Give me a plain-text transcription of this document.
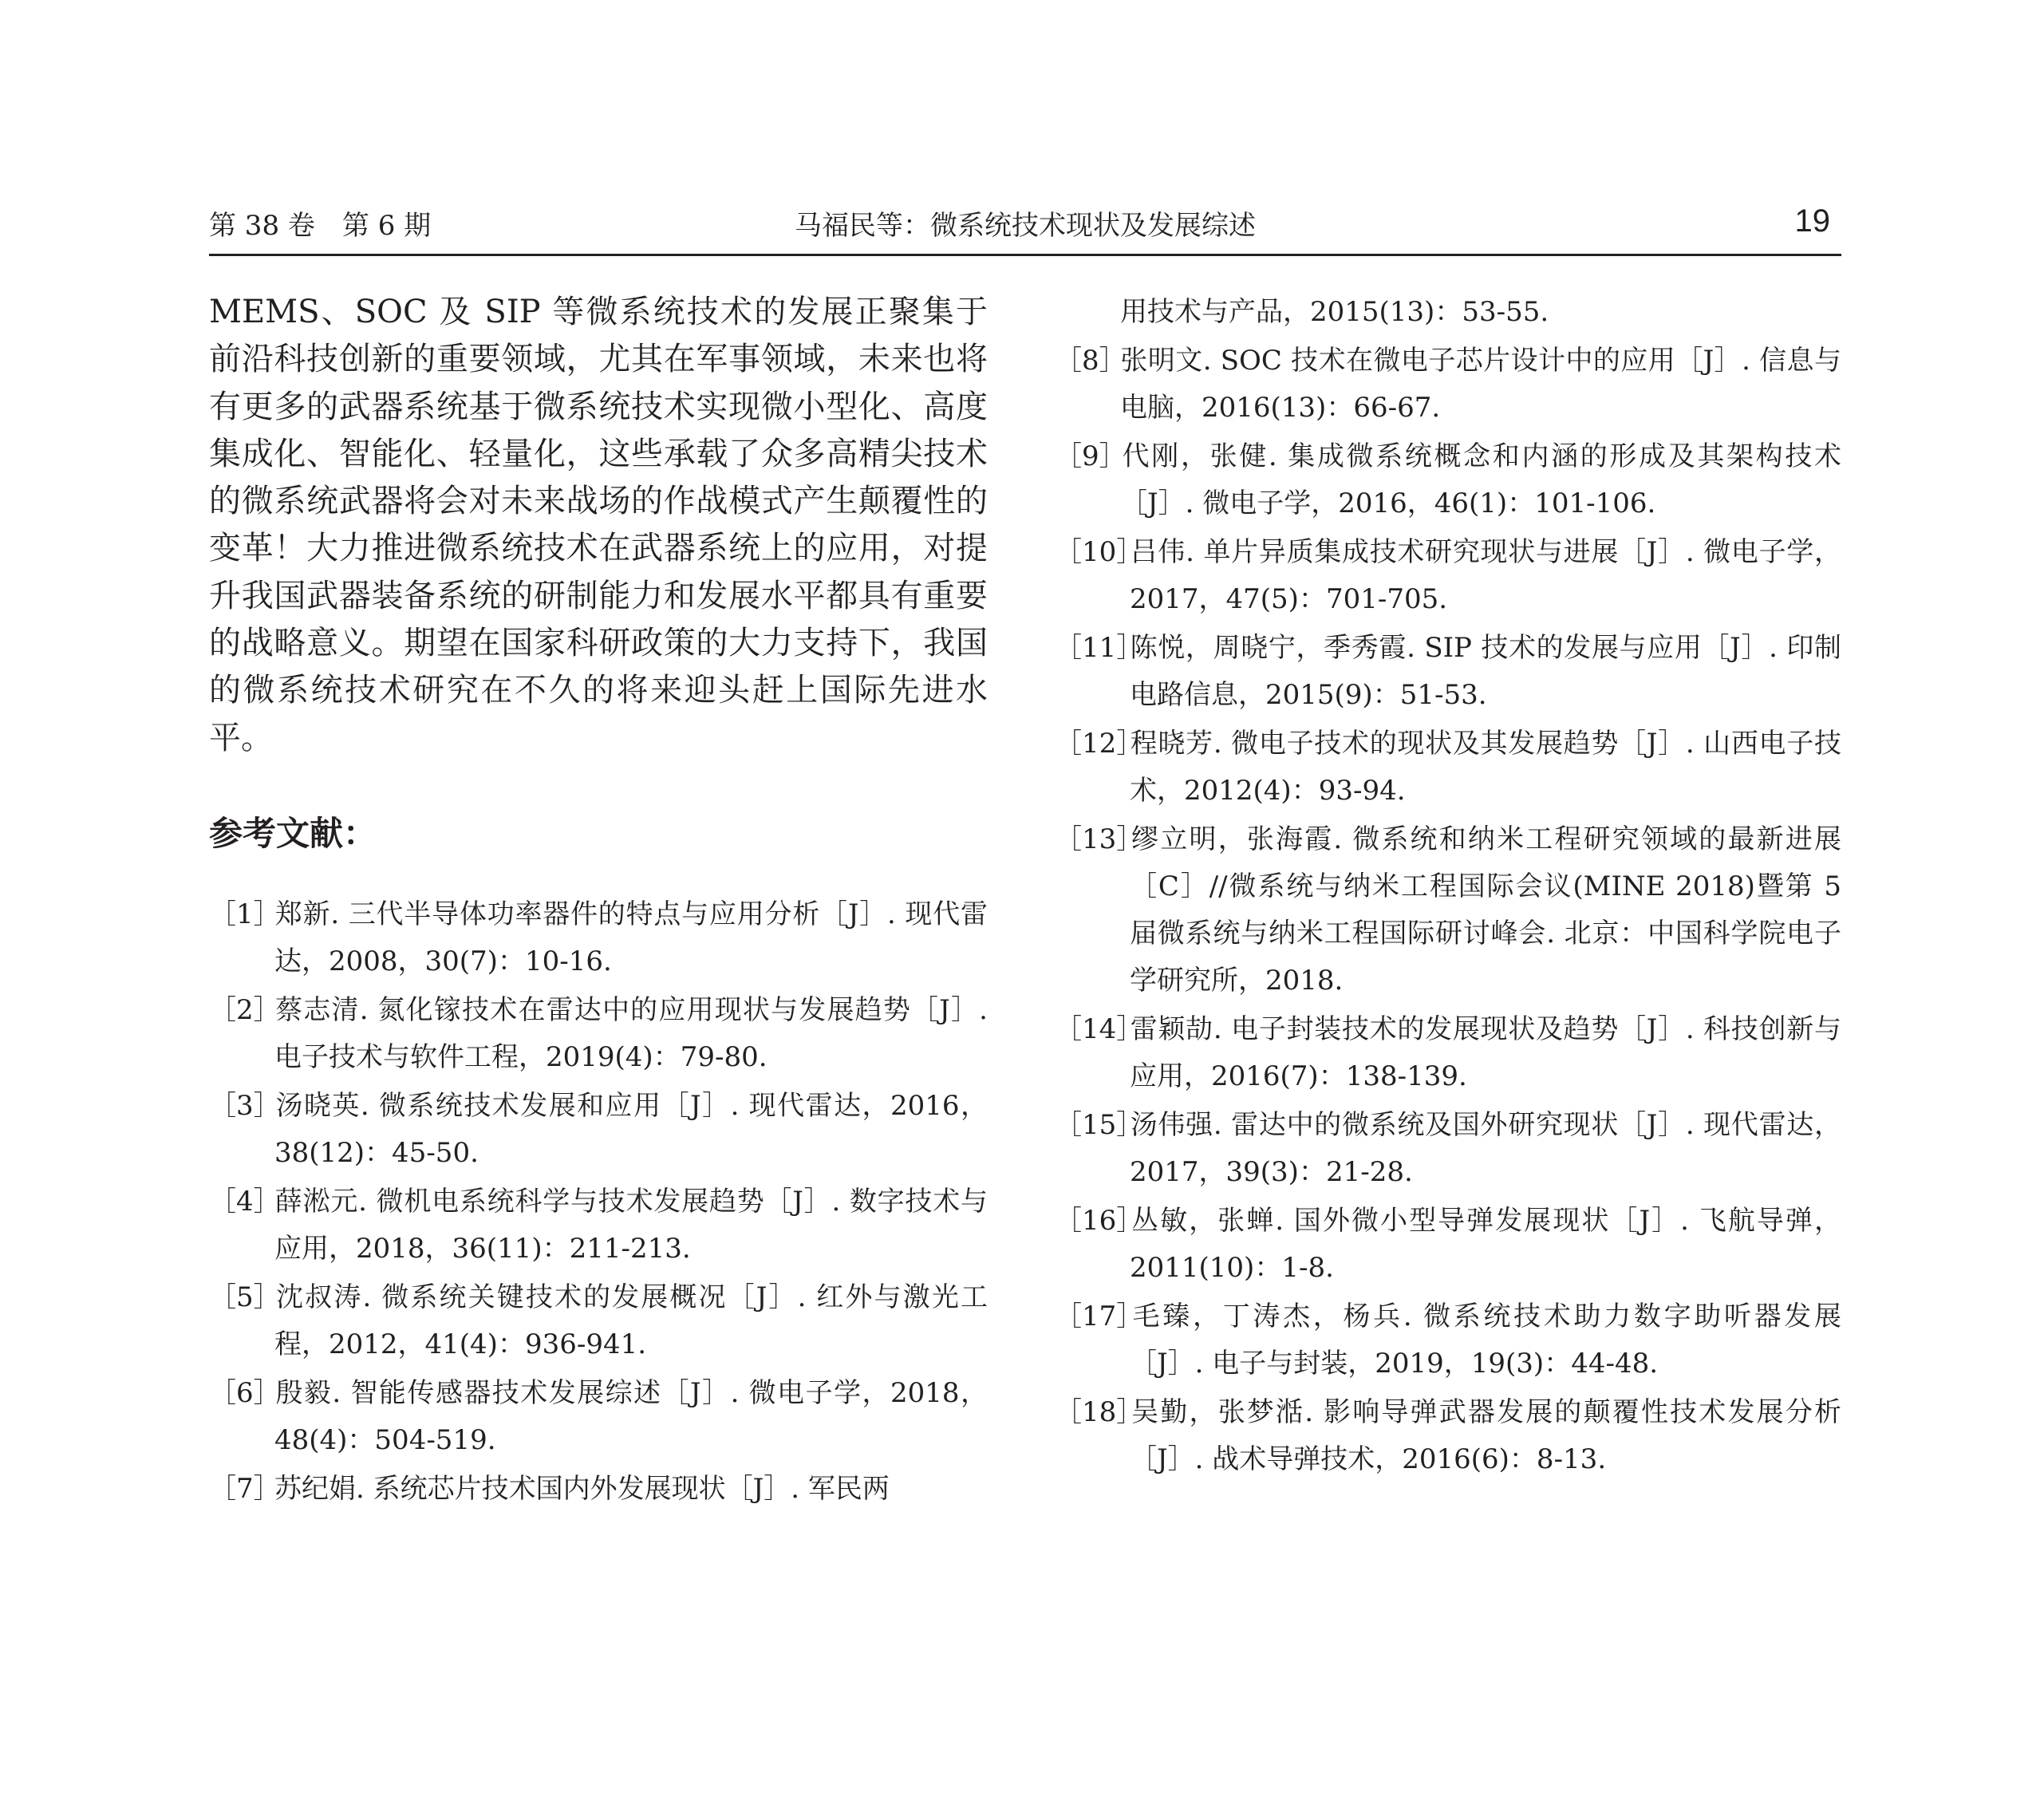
第 38 卷 第 6 期	马福民等：微系统技术现状及发展综述	19

MEMS、SOC 及 SIP 等微系统技术的发展正聚集于前沿科技创新的重要领域，尤其在军事领域，未来也将有更多的武器系统基于微系统技术实现微小型化、高度集成化、智能化、轻量化，这些承载了众多高精尖技术的微系统武器将会对未来战场的作战模式产生颠覆性的变革！大力推进微系统技术在武器系统上的应用，对提升我国武器装备系统的研制能力和发展水平都具有重要的战略意义。期望在国家科研政策的大力支持下，我国的微系统技术研究在不久的将来迎头赶上国际先进水平。

参考文献：
［1］
郑新. 三代半导体功率器件的特点与应用分析［J］. 现代雷达，2008，30(7)：10-16.
［2］
蔡志清. 氮化镓技术在雷达中的应用现状与发展趋势［J］. 电子技术与软件工程，2019(4)：79-80.
［3］
汤晓英. 微系统技术发展和应用［J］. 现代雷达，2016，38(12)：45-50.
［4］
薛淞元. 微机电系统科学与技术发展趋势［J］. 数字技术与应用，2018，36(11)：211-213.
［5］
沈叔涛. 微系统关键技术的发展概况［J］. 红外与激光工程，2012，41(4)：936-941.
［6］
殷毅. 智能传感器技术发展综述［J］. 微电子学，2018，48(4)：504-519.
［7］
苏纪娟. 系统芯片技术国内外发展现状［J］. 军民两
用技术与产品，2015(13)：53-55.
［8］
张明文. SOC 技术在微电子芯片设计中的应用［J］. 信息与电脑，2016(13)：66-67.
［9］
代刚，张健. 集成微系统概念和内涵的形成及其架构技术［J］. 微电子学，2016，46(1)：101-106.
［10］
吕伟. 单片异质集成技术研究现状与进展［J］. 微电子学，2017，47(5)：701-705.
［11］
陈悦，周晓宁，季秀霞. SIP 技术的发展与应用［J］. 印制电路信息，2015(9)：51-53.
［12］
程晓芳. 微电子技术的现状及其发展趋势［J］. 山西电子技术，2012(4)：93-94.
［13］
缪立明，张海霞. 微系统和纳米工程研究领域的最新进展［C］//微系统与纳米工程国际会议(MINE 2018)暨第 5 届微系统与纳米工程国际研讨峰会. 北京：中国科学院电子学研究所，2018.
［14］
雷颖劼. 电子封装技术的发展现状及趋势［J］. 科技创新与应用，2016(7)：138-139.
［15］
汤伟强. 雷达中的微系统及国外研究现状［J］. 现代雷达，2017，39(3)：21-28.
［16］
丛敏，张蝉. 国外微小型导弹发展现状［J］. 飞航导弹，2011(10)：1-8.
［17］
毛臻，丁涛杰，杨兵. 微系统技术助力数字助听器发展［J］. 电子与封装，2019，19(3)：44-48.
［18］
吴勤，张梦湉. 影响导弹武器发展的颠覆性技术发展分析［J］. 战术导弹技术，2016(6)：8-13.
